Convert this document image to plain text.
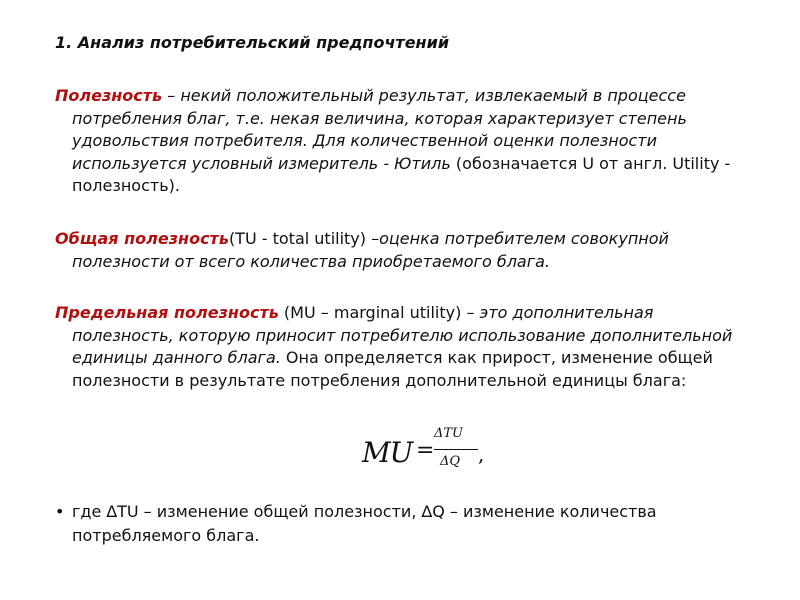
1. Анализ потребительский предпочтений
Полезность – некий положительный результат, извлекаемый в процессе потребления благ, т.е. некая величина, которая характеризует степень удовольствия потребителя. Для количественной оценки полезности используется условный измеритель - Ютиль (обозначается U от англ. Utility - полезность).
Общая полезность(TU - total utility) –оценка потребителем совокупной полезности от всего количества приобретаемого блага.
Предельная полезность (MU – marginal utility) – это дополнительная полезность, которую приносит потребителю использование дополнительной единицы данного блага. Она определяется как прирост, изменение общей полезности в результате потребления дополнительной единицы блага:
MU =
ΔTU
ΔQ ,
• где ∆TU – изменение общей полезности, ∆Q – изменение количества потребляемого блага.
